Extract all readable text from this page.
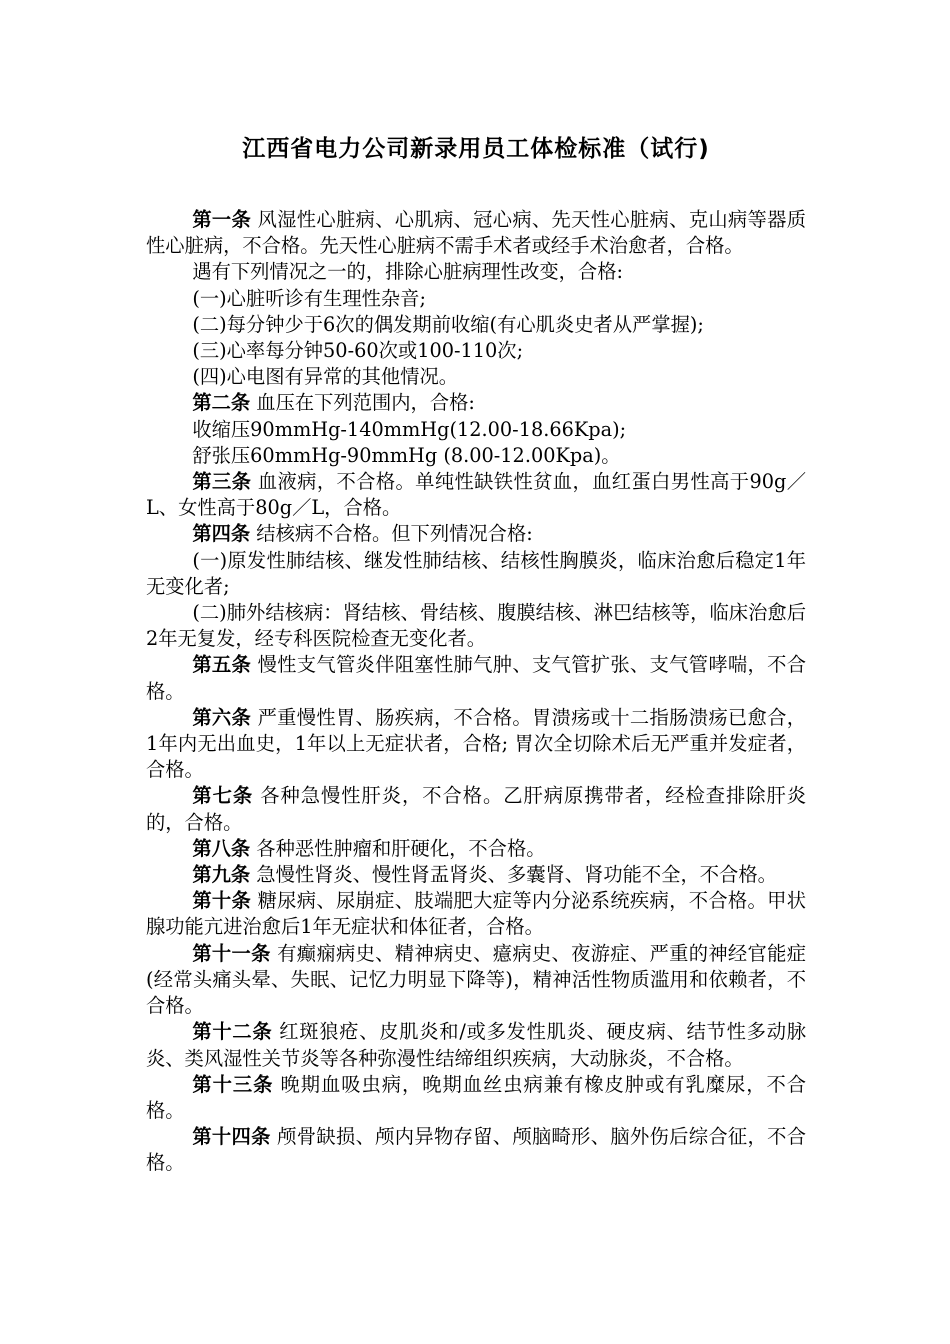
江西省电力公司新录用员工体检标准（试行)

第一条 风湿性心脏病、心肌病、冠心病、先天性心脏病、克山病等器质性心脏病，不合格。先天性心脏病不需手术者或经手术治愈者，合格。

遇有下列情况之一的，排除心脏病理性改变，合格:

(一)心脏听诊有生理性杂音;

(二)每分钟少于6次的偶发期前收缩(有心肌炎史者从严掌握);

(三)心率每分钟50-60次或100-110次;

(四)心电图有异常的其他情况。

第二条 血压在下列范围内，合格:

收缩压90mmHg-140mmHg(12.00-18.66Kpa);

舒张压60mmHg-90mmHg (8.00-12.00Kpa)。

第三条 血液病，不合格。单纯性缺铁性贫血，血红蛋白男性高于90g／L、女性高于80g／L，合格。

第四条 结核病不合格。但下列情况合格:

(一)原发性肺结核、继发性肺结核、结核性胸膜炎，临床治愈后稳定1年无变化者;

(二)肺外结核病：肾结核、骨结核、腹膜结核、淋巴结核等，临床治愈后2年无复发，经专科医院检查无变化者。

第五条 慢性支气管炎伴阻塞性肺气肿、支气管扩张、支气管哮喘，不合格。

第六条 严重慢性胃、肠疾病，不合格。胃溃疡或十二指肠溃疡已愈合，1年内无出血史，1年以上无症状者，合格; 胃次全切除术后无严重并发症者，合格。

第七条 各种急慢性肝炎，不合格。乙肝病原携带者，经检查排除肝炎的，合格。

第八条 各种恶性肿瘤和肝硬化，不合格。

第九条 急慢性肾炎、慢性肾盂肾炎、多囊肾、肾功能不全，不合格。

第十条 糖尿病、尿崩症、肢端肥大症等内分泌系统疾病，不合格。甲状腺功能亢进治愈后1年无症状和体征者，合格。

第十一条 有癫痫病史、精神病史、癔病史、夜游症、严重的神经官能症(经常头痛头晕、失眠、记忆力明显下降等)，精神活性物质滥用和依赖者，不合格。

第十二条 红斑狼疮、皮肌炎和/或多发性肌炎、硬皮病、结节性多动脉炎、类风湿性关节炎等各种弥漫性结缔组织疾病，大动脉炎，不合格。

第十三条 晚期血吸虫病，晚期血丝虫病兼有橡皮肿或有乳糜尿，不合格。

第十四条 颅骨缺损、颅内异物存留、颅脑畸形、脑外伤后综合征，不合格。
